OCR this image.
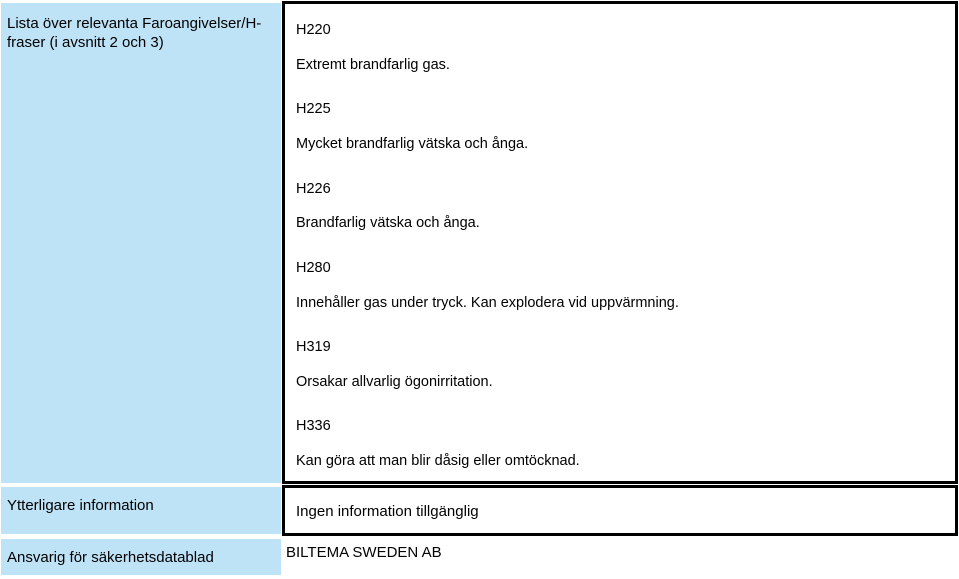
Lista över relevanta Faroangivelser/H-fraser (i avsnitt 2 och 3)
H220
Extremt brandfarlig gas.
H225
Mycket brandfarlig vätska och ånga.
H226
Brandfarlig vätska och ånga.
H280
Innehåller gas under tryck. Kan explodera vid uppvärmning.
H319
Orsakar allvarlig ögonirritation.
H336
Kan göra att man blir dåsig eller omtöcknad.
Ytterligare information	Ingen information tillgänglig
Ansvarig för säkerhetsdatablad	BILTEMA SWEDEN AB
